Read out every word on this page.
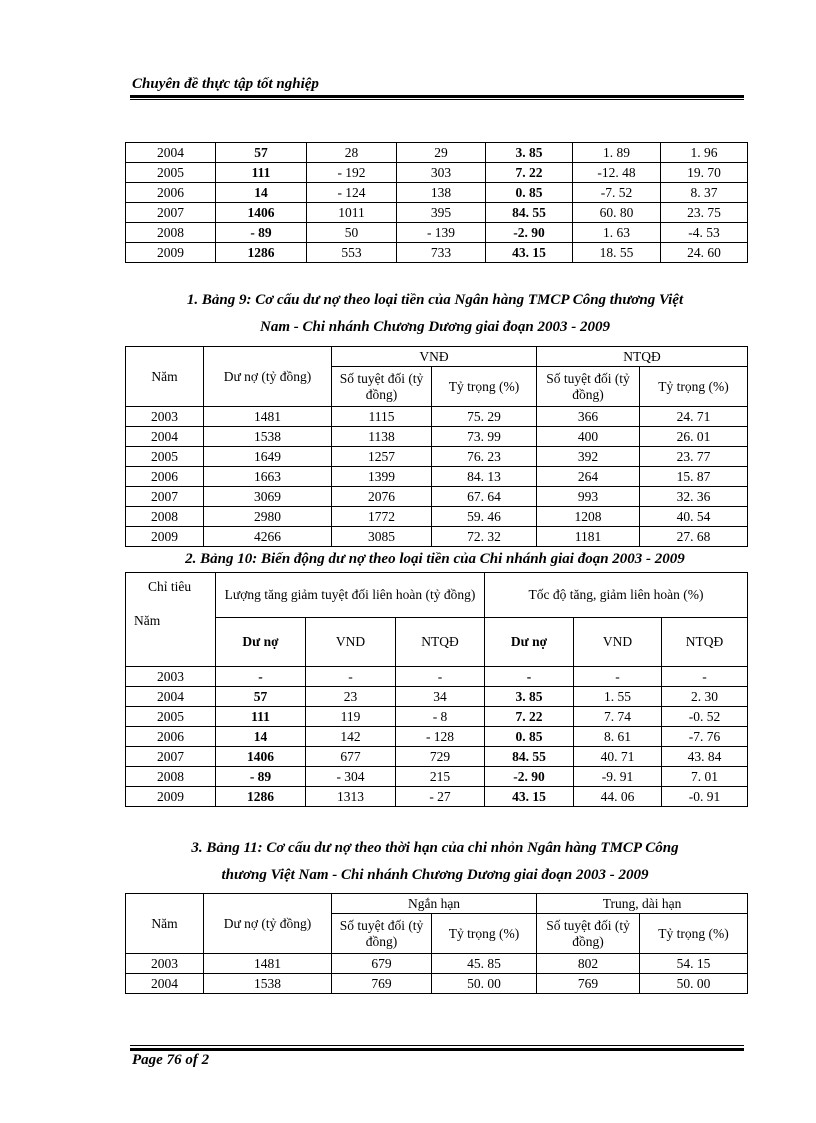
Chuyên đề thực tập tốt nghiệp
2004	57	28	29	3. 85	1. 89	1. 96
2005	111	- 192	303	7. 22	-12. 48	19. 70
2006	14	- 124	138	0. 85	-7. 52	8. 37
2007	1406	1011	395	84. 55	60. 80	23. 75
2008	- 89	50	- 139	-2. 90	1. 63	-4. 53
2009	1286	553	733	43. 15	18. 55	24. 60
1. Bảng 9: Cơ cấu dư nợ theo loại tiền của Ngân hàng TMCP Công thương Việt
Nam - Chi nhánh Chương Dương giai đoạn 2003 - 2009
Năm	Dư nợ (tỷ đồng)	VNĐ		NTQĐ	
		Số tuyệt đối (tỷ đồng)	Tỷ trọng (%)	Số tuyệt đối (tỷ đồng)	Tỷ trọng (%)
2003	1481	1115	75. 29	366	24. 71
2004	1538	1138	73. 99	400	26. 01
2005	1649	1257	76. 23	392	23. 77
2006	1663	1399	84. 13	264	15. 87
2007	3069	2076	67. 64	993	32. 36
2008	2980	1772	59. 46	1208	40. 54
2009	4266	3085	72. 32	1181	27. 68
2. Bảng 10: Biến động dư nợ theo loại tiền của Chi nhánh giai đoạn 2003 - 2009
Chỉ tiêu
Năm	Lượng tăng giảm tuyệt đối liên hoàn (tỷ đồng)			Tốc độ tăng, giảm liên hoàn (%)		
	Dư nợ	VND	NTQĐ	Dư nợ	VND	NTQĐ
2003	-	-	-	-	-	-
2004	57	23	34	3. 85	1. 55	2. 30
2005	111	119	- 8	7. 22	7. 74	-0. 52
2006	14	142	- 128	0. 85	8. 61	-7. 76
2007	1406	677	729	84. 55	40. 71	43. 84
2008	- 89	- 304	215	-2. 90	-9. 91	7. 01
2009	1286	1313	- 27	43. 15	44. 06	-0. 91
3. Bảng 11: Cơ cấu dư nợ theo thời hạn của chi nhỏn Ngân hàng TMCP Công
thương Việt Nam - Chi nhánh Chương Dương giai đoạn 2003 - 2009
Năm	Dư nợ (tỷ đồng)	Ngắn hạn		Trung, dài hạn	
		Số tuyệt đối (tỷ đồng)	Tỷ trọng (%)	Số tuyệt đối (tỷ đồng)	Tỷ trọng (%)
2003	1481	679	45. 85	802	54. 15
2004	1538	769	50. 00	769	50. 00
Page 76 of 2
